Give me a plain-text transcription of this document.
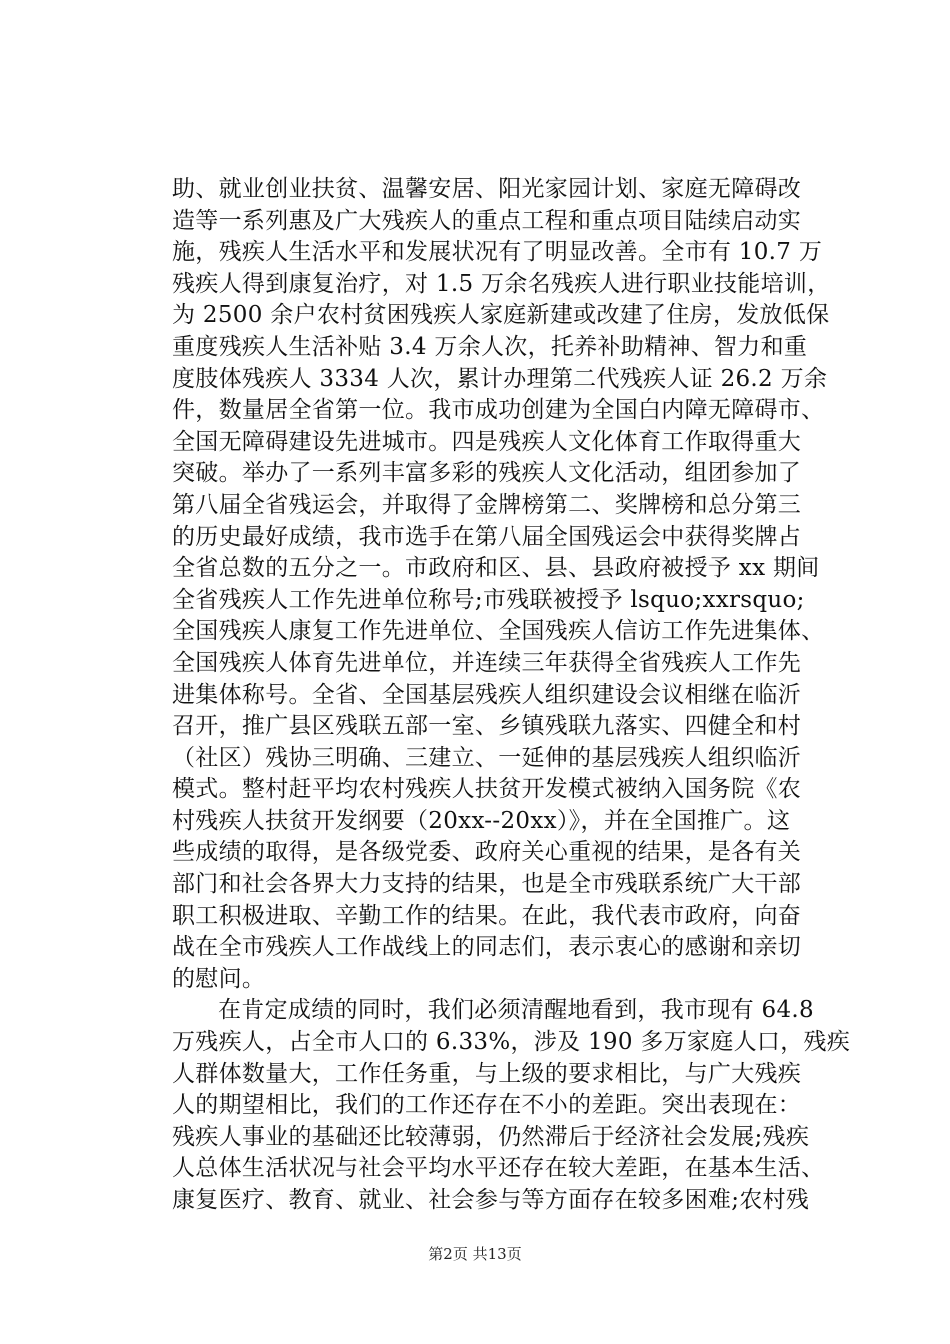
助、就业创业扶贫、温馨安居、阳光家园计划、家庭无障碍改
造等一系列惠及广大残疾人的重点工程和重点项目陆续启动实
施，残疾人生活水平和发展状况有了明显改善。全市有 10.7 万
残疾人得到康复治疗，对 1.5 万余名残疾人进行职业技能培训，
为 2500 余户农村贫困残疾人家庭新建或改建了住房，发放低保
重度残疾人生活补贴 3.4 万余人次，托养补助精神、智力和重
度肢体残疾人 3334 人次，累计办理第二代残疾人证 26.2 万余
件，数量居全省第一位。我市成功创建为全国白内障无障碍市、
全国无障碍建设先进城市。四是残疾人文化体育工作取得重大
突破。举办了一系列丰富多彩的残疾人文化活动，组团参加了
第八届全省残运会，并取得了金牌榜第二、奖牌榜和总分第三
的历史最好成绩，我市选手在第八届全国残运会中获得奖牌占
全省总数的五分之一。市政府和区、县、县政府被授予 xx 期间
全省残疾人工作先进单位称号;市残联被授予 lsquo;xxrsquo;
全国残疾人康复工作先进单位、全国残疾人信访工作先进集体、
全国残疾人体育先进单位，并连续三年获得全省残疾人工作先
进集体称号。全省、全国基层残疾人组织建设会议相继在临沂
召开，推广县区残联五部一室、乡镇残联九落实、四健全和村
（社区）残协三明确、三建立、一延伸的基层残疾人组织临沂
模式。整村赶平均农村残疾人扶贫开发模式被纳入国务院《农
村残疾人扶贫开发纲要（20xx--20xx）》，并在全国推广。这
些成绩的取得，是各级党委、政府关心重视的结果，是各有关
部门和社会各界大力支持的结果，也是全市残联系统广大干部
职工积极进取、辛勤工作的结果。在此，我代表市政府，向奋
战在全市残疾人工作战线上的同志们，表示衷心的感谢和亲切
的慰问。
在肯定成绩的同时，我们必须清醒地看到，我市现有 64.8
万残疾人，占全市人口的 6.33%，涉及 190 多万家庭人口，残疾
人群体数量大，工作任务重，与上级的要求相比，与广大残疾
人的期望相比，我们的工作还存在不小的差距。突出表现在：
残疾人事业的基础还比较薄弱，仍然滞后于经济社会发展;残疾
人总体生活状况与社会平均水平还存在较大差距，在基本生活、
康复医疗、教育、就业、社会参与等方面存在较多困难;农村残
第2页 共13页
